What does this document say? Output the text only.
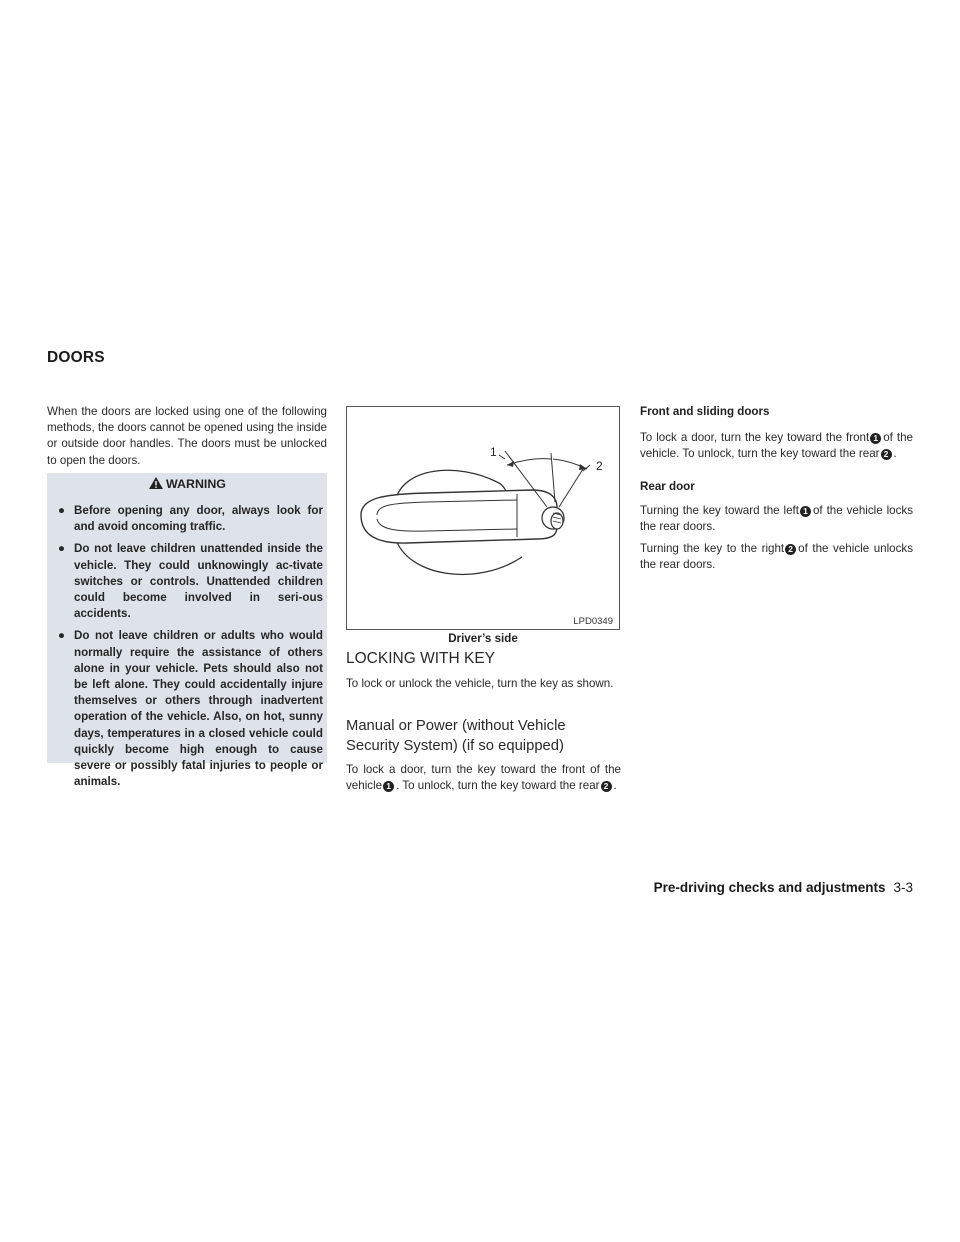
DOORS
When the doors are locked using one of the following methods, the doors cannot be opened using the inside or outside door handles. The doors must be unlocked to open the doors.
WARNING
● Before opening any door, always look for and avoid oncoming traffic.
● Do not leave children unattended inside the vehicle. They could unknowingly ac-tivate switches or controls. Unattended children could become involved in seri-ous accidents.
● Do not leave children or adults who would normally require the assistance of others alone in your vehicle. Pets should also not be left alone. They could accidentally injure themselves or others through inadvertent operation of the vehicle. Also, on hot, sunny days, temperatures in a closed vehicle could quickly become high enough to cause severe or possibly fatal injuries to people or animals.
1
2
LPD0349
Driver’s side
LOCKING WITH KEY
To lock or unlock the vehicle, turn the key as shown.
Manual or Power (without Vehicle Security System) (if so equipped)
To lock a door, turn the key toward the front of the vehicle 1 . To unlock, turn the key toward the rear 2 .
Front and sliding doors
To lock a door, turn the key toward the front 1 of the vehicle. To unlock, turn the key toward the rear 2 .
Rear door
Turning the key toward the left 1 of the vehicle locks the rear doors.
Turning the key to the right 2 of the vehicle unlocks the rear doors.
Pre-driving checks and adjustments 3-3
